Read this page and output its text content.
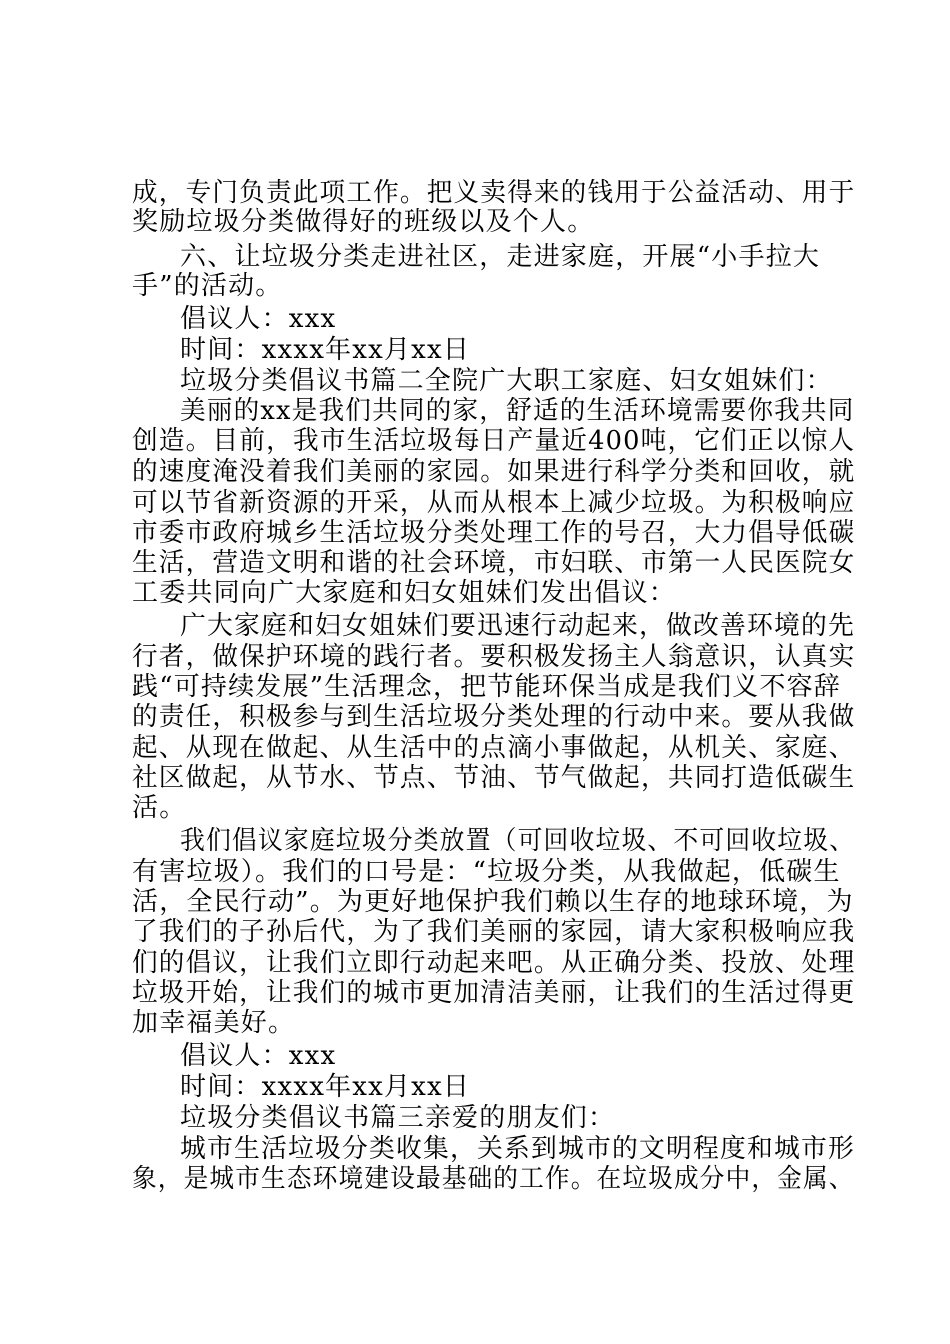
成，专门负责此项工作。把义卖得来的钱用于公益活动、用于
奖励垃圾分类做得好的班级以及个人。
六、让垃圾分类走进社区，走进家庭，开展“小手拉大
手”的活动。
倡议人：xxx
时间：xxxx年xx月xx日
垃圾分类倡议书篇二全院广大职工家庭、妇女姐妹们：
美丽的xx是我们共同的家，舒适的生活环境需要你我共同
创造。目前，我市生活垃圾每日产量近400吨，它们正以惊人
的速度淹没着我们美丽的家园。如果进行科学分类和回收，就
可以节省新资源的开采，从而从根本上减少垃圾。为积极响应
市委市政府城乡生活垃圾分类处理工作的号召，大力倡导低碳
生活，营造文明和谐的社会环境，市妇联、市第一人民医院女
工委共同向广大家庭和妇女姐妹们发出倡议：
广大家庭和妇女姐妹们要迅速行动起来，做改善环境的先
行者，做保护环境的践行者。要积极发扬主人翁意识，认真实
践“可持续发展”生活理念，把节能环保当成是我们义不容辞
的责任，积极参与到生活垃圾分类处理的行动中来。要从我做
起、从现在做起、从生活中的点滴小事做起，从机关、家庭、
社区做起，从节水、节点、节油、节气做起，共同打造低碳生
活。
我们倡议家庭垃圾分类放置（可回收垃圾、不可回收垃圾、
有害垃圾）。我们的口号是：“垃圾分类，从我做起，低碳生
活，全民行动”。为更好地保护我们赖以生存的地球环境，为
了我们的子孙后代，为了我们美丽的家园，请大家积极响应我
们的倡议，让我们立即行动起来吧。从正确分类、投放、处理
垃圾开始，让我们的城市更加清洁美丽，让我们的生活过得更
加幸福美好。
倡议人：xxx
时间：xxxx年xx月xx日
垃圾分类倡议书篇三亲爱的朋友们：
城市生活垃圾分类收集，关系到城市的文明程度和城市形
象，是城市生态环境建设最基础的工作。在垃圾成分中，金属、
